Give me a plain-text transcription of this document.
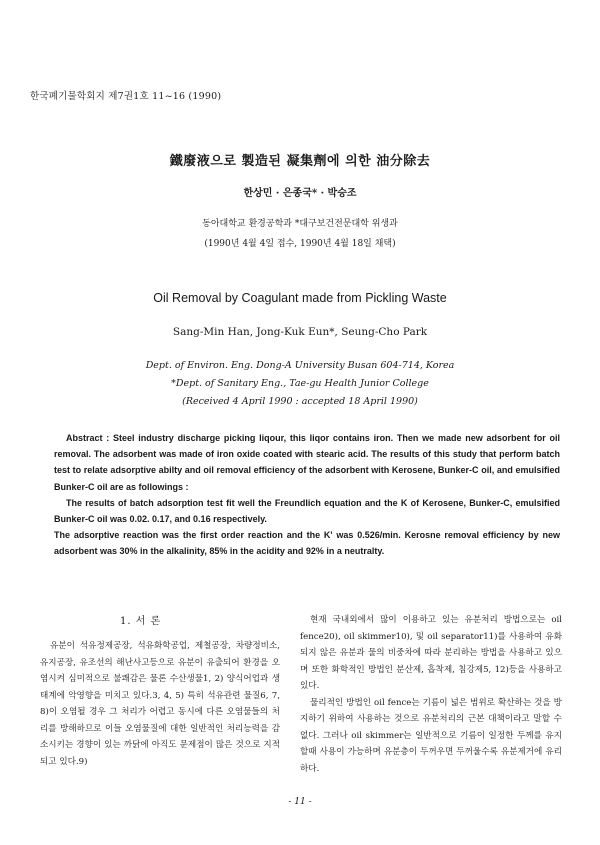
한국폐기물학회지 제7권1호 11~16 (1990)
鐵廢液으로 製造된 凝集劑에 의한 油分除去
한상민 · 은종국* · 박승조
동아대학교 환경공학과 *대구보건전문대학 위생과
(1990년 4월 4일 접수, 1990년 4월 18일 채택)
Oil Removal by Coagulant made from Pickling Waste
Sang-Min Han, Jong-Kuk Eun*, Seung-Cho Park
Dept. of Environ. Eng. Dong-A University Busan 604-714, Korea
*Dept. of Sanitary Eng., Tae-gu Health Junior College
(Received 4 April 1990 : accepted 18 April 1990)

Abstract : Steel industry discharge picking liqour, this liqor contains iron. Then we made new adsorbent for oil removal. The adsorbent was made of iron oxide coated with stearic acid. The results of this study that perform batch test to relate adsorptive abilty and oil removal efficiency of the adsorbent with Kerosene, Bunker-C oil, and emulsified Bunker-C oil are as followings :

The results of batch adsorption test fit well the Freundlich equation and the K of Kerosene, Bunker-C, emulsified Bunker-C oil was 0.02. 0.17, and 0.16 respectively.

The adsorptive reaction was the first order reaction and the K' was 0.526/min. Kerosne removal efficiency by new adsorbent was 30% in the alkalinity, 85% in the acidity and 92% in a neutralty.

1. 서 론

유분이 석유정제공장, 석유화학공업, 제철공장, 차량정비소, 유지공장, 유조선의 해난사고등으로 유분이 유출되어 환경을 오염시켜 심미적으로 불쾌감은 물론 수산생물1, 2) 양식어업과 생태계에 악영향을 미치고 있다.3, 4, 5) 특히 석유관련 물질6, 7, 8)이 오염될 경우 그 처리가 어렵고 동시에 다른 오염물들의 처리를 방해하므로 이들 오염물질에 대한 일반적인 처리능력을 감소시키는 경향이 있는 까닭에 아직도 문제점이 많은 것으로 지적되고 있다.9)

현재 국내외에서 많이 이용하고 있는 유분처리 방법으로는 oil fence20), oil skimmer10), 및 oil separator11)를 사용하여 유화되지 않은 유분과 물의 비중차에 따라 분리하는 방법을 사용하고 있으며 또한 화학적인 방법인 분산제, 흡착제, 침강제5, 12)등을 사용하고 있다.

물리적인 방법인 oil fence는 기름이 넓은 범위로 확산하는 것을 방지하기 위하여 사용하는 것으로 유분처리의 근본 대책이라고 말할 수 없다. 그러나 oil skimmer는 일반적으로 기름이 일정한 두께를 유지할때 사용이 가능하며 유분층이 두꺼우면 두꺼울수록 유분제거에 유리하다.

- 11 -
